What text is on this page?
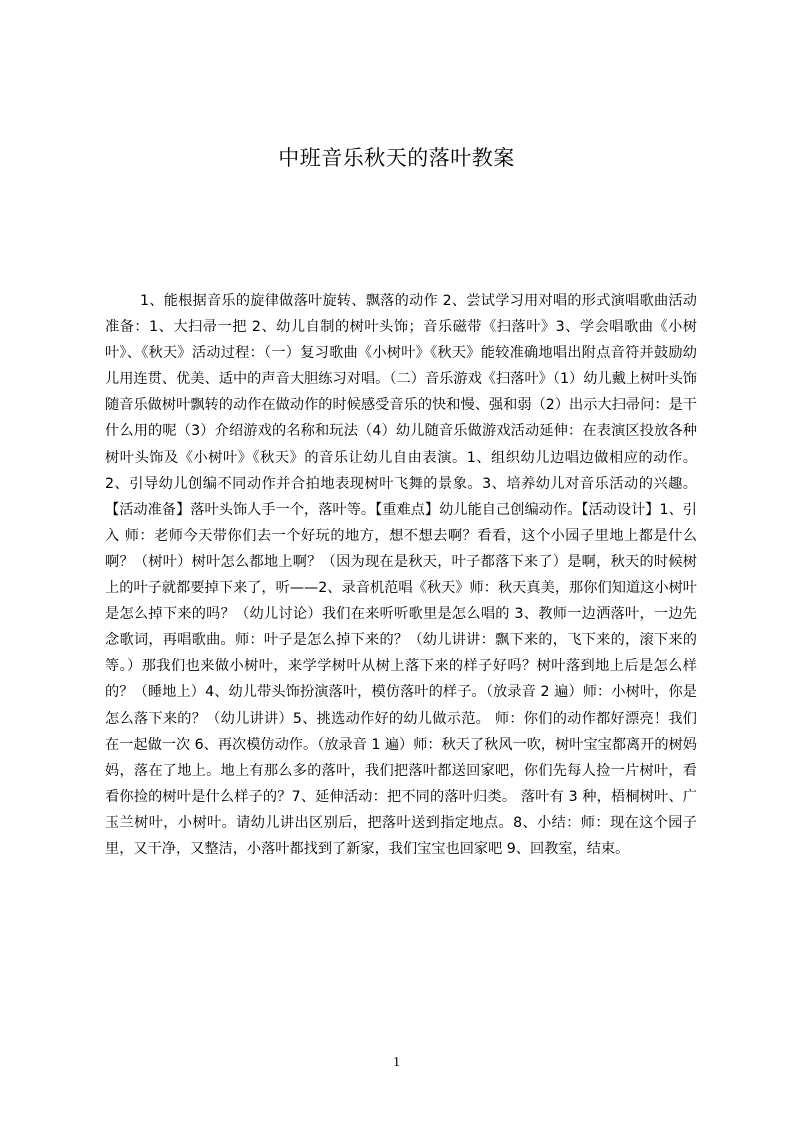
中班音乐秋天的落叶教案

1、能根据音乐的旋律做落叶旋转、飘落的动作 2、尝试学习用对唱的形式演唱歌曲活动准备：1、大扫帚一把 2、幼儿自制的树叶头饰；音乐磁带《扫落叶》3、学会唱歌曲《小树叶》、《秋天》活动过程：（一）复习歌曲《小树叶》《秋天》能较准确地唱出附点音符并鼓励幼儿用连贯、优美、适中的声音大胆练习对唱。（二）音乐游戏《扫落叶》（1）幼儿戴上树叶头饰随音乐做树叶飘转的动作在做动作的时候感受音乐的快和慢、强和弱（2）出示大扫帚问：是干什么用的呢（3）介绍游戏的名称和玩法（4）幼儿随音乐做游戏活动延伸：在表演区投放各种树叶头饰及《小树叶》《秋天》的音乐让幼儿自由表演。1、组织幼儿边唱边做相应的动作。 2、引导幼儿创编不同动作并合拍地表现树叶飞舞的景象。3、培养幼儿对音乐活动的兴趣。【活动准备】落叶头饰人手一个，落叶等。【重难点】幼儿能自己创编动作。【活动设计】1、引入 师：老师今天带你们去一个好玩的地方，想不想去啊？看看，这个小园子里地上都是什么啊？（树叶）树叶怎么都地上啊？（因为现在是秋天，叶子都落下来了）是啊，秋天的时候树上的叶子就都要掉下来了，听——2、录音机范唱《秋天》师：秋天真美，那你们知道这小树叶是怎么掉下来的吗？（幼儿讨论）我们在来听听歌里是怎么唱的 3、教师一边洒落叶，一边先念歌词，再唱歌曲。师：叶子是怎么掉下来的？（幼儿讲讲：飘下来的，飞下来的，滚下来的等。）那我们也来做小树叶，来学学树叶从树上落下来的样子好吗？树叶落到地上后是怎么样的？（睡地上）4、幼儿带头饰扮演落叶，模仿落叶的样子。（放录音 2 遍）师：小树叶，你是怎么落下来的？（幼儿讲讲）5、挑选动作好的幼儿做示范。 师：你们的动作都好漂亮！我们在一起做一次 6、再次模仿动作。（放录音 1 遍）师：秋天了秋风一吹，树叶宝宝都离开的树妈妈，落在了地上。地上有那么多的落叶，我们把落叶都送回家吧，你们先每人捡一片树叶，看看你捡的树叶是什么样子的？7、延伸活动：把不同的落叶归类。 落叶有 3 种，梧桐树叶、广玉兰树叶，小树叶。请幼儿讲出区别后，把落叶送到指定地点。8、小结：师：现在这个园子里，又干净，又整洁，小落叶都找到了新家，我们宝宝也回家吧 9、回教室，结束。

1
